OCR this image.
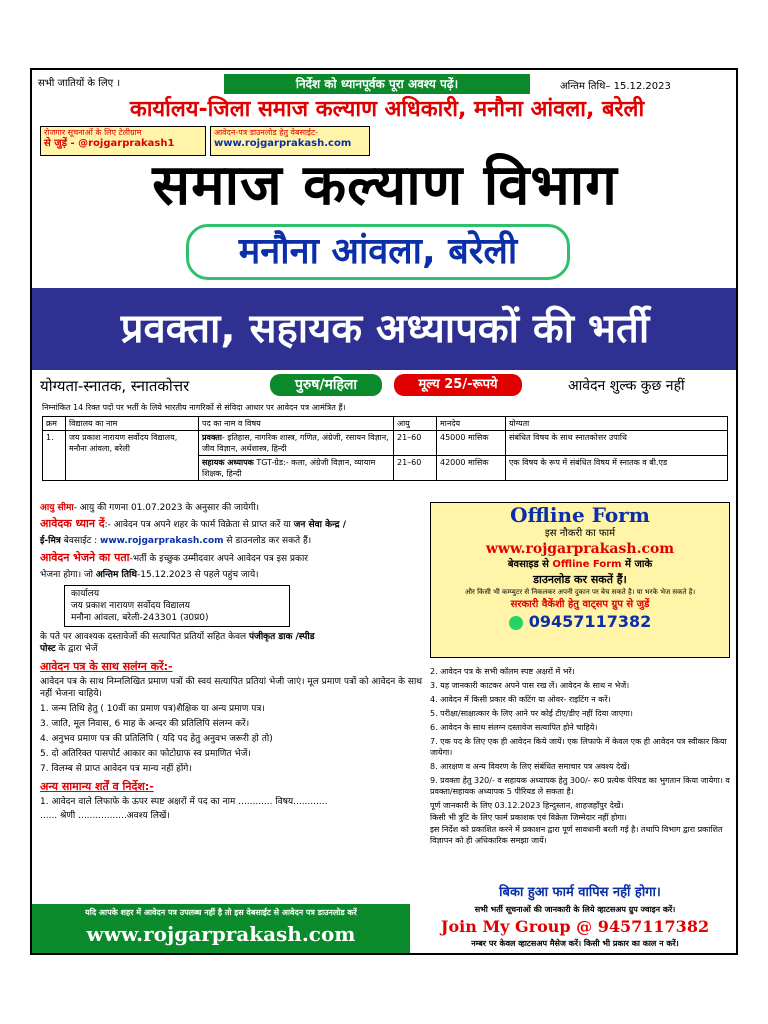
सभी जातियों के लिए ।	निर्देश को ध्यानपूर्वक पूरा अवश्य पढ़ें।	अन्तिम तिथि– 15.12.2023
कार्यालय-जिला समाज कल्याण अधिकारी, मनौना आंवला, बरेली
रोजगार सूचनाओं के लिए टेलीग्राम
से जुड़ें - @rojgarprakash1
आवेदन-पत्र डाउनलोड हेतु वेबसाईट-
www.rojgarprakash.com
समाज कल्याण विभाग
मनौना आंवला, बरेली
प्रवक्ता, सहायक अध्यापकों की भर्ती
योग्यता-स्नातक, स्नातकोत्तर	पुरुष/महिला	मूल्य 25/-रूपये	आवेदन शुल्क कुछ नहीं
निम्नांकित 14 रिक्त पदों पर भर्ती के लिये भारतीय नागरिकों से संविदा आधार पर आवेदन पत्र आमंत्रित हैं।
क्रम	विद्यालय का नाम	पद का नाम व विषय	आयु	मानदेय	योग्यता
1.	जय प्रकाश नारायण सर्वोदय विद्यालय, मनौना आंवला, बरेली	प्रवक्ता- इतिहास, नागरिक शास्त्र, गणित, अंग्रेजी, रसायन विज्ञान, जीव विज्ञान, अर्थशास्त्र, हिन्दी	21–60	45000 मासिक	संबंधित विषय के साथ स्नातकोत्तर उपाधि
		सहायक अध्यापक TGT-ग्रेड:- कला, अंग्रेजी विज्ञान, व्यायाम शिक्षक, हिन्दी	21–60	42000 मासिक	एक विषय के रूप में संबंधित विषय में स्नातक व बी.एड
आयु सीमा- आयु की गणना 01.07.2023 के अनुसार की जायेगी।
आवेदक ध्यान दें:- आवेदन पत्र अपने शहर के फार्म विक्रेता से प्राप्त करें या जन सेवा केन्द्र /
ई-मित्र बेवसाईट : www.rojgarprakash.com से डाउनलोड कर सकते हैं।
आवेदन भेजने का पता-भर्ती के इच्छुक उम्मीदवार अपने आवेदन पत्र इस प्रकार
भेजना होगा। जो अन्तिम तिथि-15.12.2023 से पहले पहुंच जाये।
कार्यालय
जय प्रकाश नारायण सर्वोदय विद्यालय
मनौना आंवला, बरेली-243301 (उ0प्र0)
के पते पर आवश्यक दस्तावेजों की सत्यापित प्रतियों सहित केवल पंजीकृत डाक /स्पीड
पोस्ट के द्वारा भेजें
आवेदन पत्र के साथ सलंग्न करें:-
आवेदन पत्र के साथ निम्नलिखित प्रमाण पत्रों की स्वयं सत्यापित प्रतियां भेजी जाएं। मूल प्रमाण पत्रों को आवेदन के साथ नहीं भेजना चाहिये।
1. जन्म तिथि हेतु ( 10वीं का प्रमाण पत्र)शैक्षिक या अन्य प्रमाण पत्र।
3. जाति, मूल निवास, 6 माह के अन्दर की प्रतिलिपि संलग्न करें।
4. अनुभव प्रमाण पत्र की प्रतिलिपि ( यदि पद हेतु अनुवभ जरूरी हो तो)
5. दो अतिरिक्त पासपोर्ट आकार का फोटोग्राफ स्व प्रमाणित भेजें।
7. विलम्ब से प्राप्त आवेदन पत्र मान्य नहीं होंगे।
अन्य सामान्य शर्तें व निर्देश:-
1. आवेदन वाले लिफाफे के ऊपर स्पष्ट अक्षरों में पद का नाम ............ विषय............
...... श्रेणी .................अवश्य लिखें।
Offline Form
इस नौकरी का फार्म
www.rojgarprakash.com
बेवसाइड से Offline Form में जाके
डाउनलोड कर सकतें हैं।
और किसी भी कम्प्युटर से निकलकर अपनी दुकान पर बेच सकते है। या भरके भेज सकते है।
सरकारी वैकेंशी हेतु वाट्सप ग्रुप से जुडें
09457117382
2. आवेदन पत्र के सभी कॉलम स्पष्ट अक्षरों में भरें।
3. यह जानकारी काटकर अपने पास रख लें। आवेदन के साथ न भेजें।
4. आवेदन में किसी प्रकार की कटिंग या ओवर- राइटिंग न करें।
5. परीक्षा/साक्षात्कार के लिए आने पर कोई टीए/डीए नहीं दिया जाएगा।
6. आवेदन के साथ संलग्न दस्तावेज सत्यापित होने चाहिये।
7. एक पद के लिए एक ही आवेदन किये जायें। एक लिफाफे में केवल एक ही आवेदन पत्र स्वीकार किया जायेगा।
8. आरक्षण व अन्य विवरण के लिए संबंधित समाचार पत्र अवश्य देखें।
9. प्रवक्ता हेतु 320/- व सहायक अध्यापक हेतु 300/- रू0 प्रत्येक पेरियड का भुगतान किया जायेगा। व प्रवक्ता/सहायक अध्यापक 5 पीरियड ले सकता है।
पूर्ण जानकारी के लिए 03.12.2023 हिन्दुस्तान, शाहजहाँपुर देखें।
किसी भी त्रुटि के लिए फार्म प्रकाशक एवं विक्रेता जिम्मेदार नहीं होगा।
इस निर्देश को प्रकाशित करने में प्रकाशन द्वारा पूर्ण सावधानी बरती गई है। तथापि विभाग द्वारा प्रकाशित विज्ञापन को ही अधिकारिक समझा जायें।
बिका हुआ फार्म वापिस नहीं होगा।
यदि आपके शहर में आवेदन पत्र उपलब्ध नहीं है तो इस वेबसाईट से आवेदन पत्र डाउनलोड करें
www.rojgarprakash.com
सभी भर्ती सूचनाओं की जानकारी के लिये व्हाटसअप ग्रुप ज्वाइन करें।
Join My Group @ 9457117382
नम्बर पर केवल व्हाटसअप मैसेज करें। किसी भी प्रकार का काल न करें।
